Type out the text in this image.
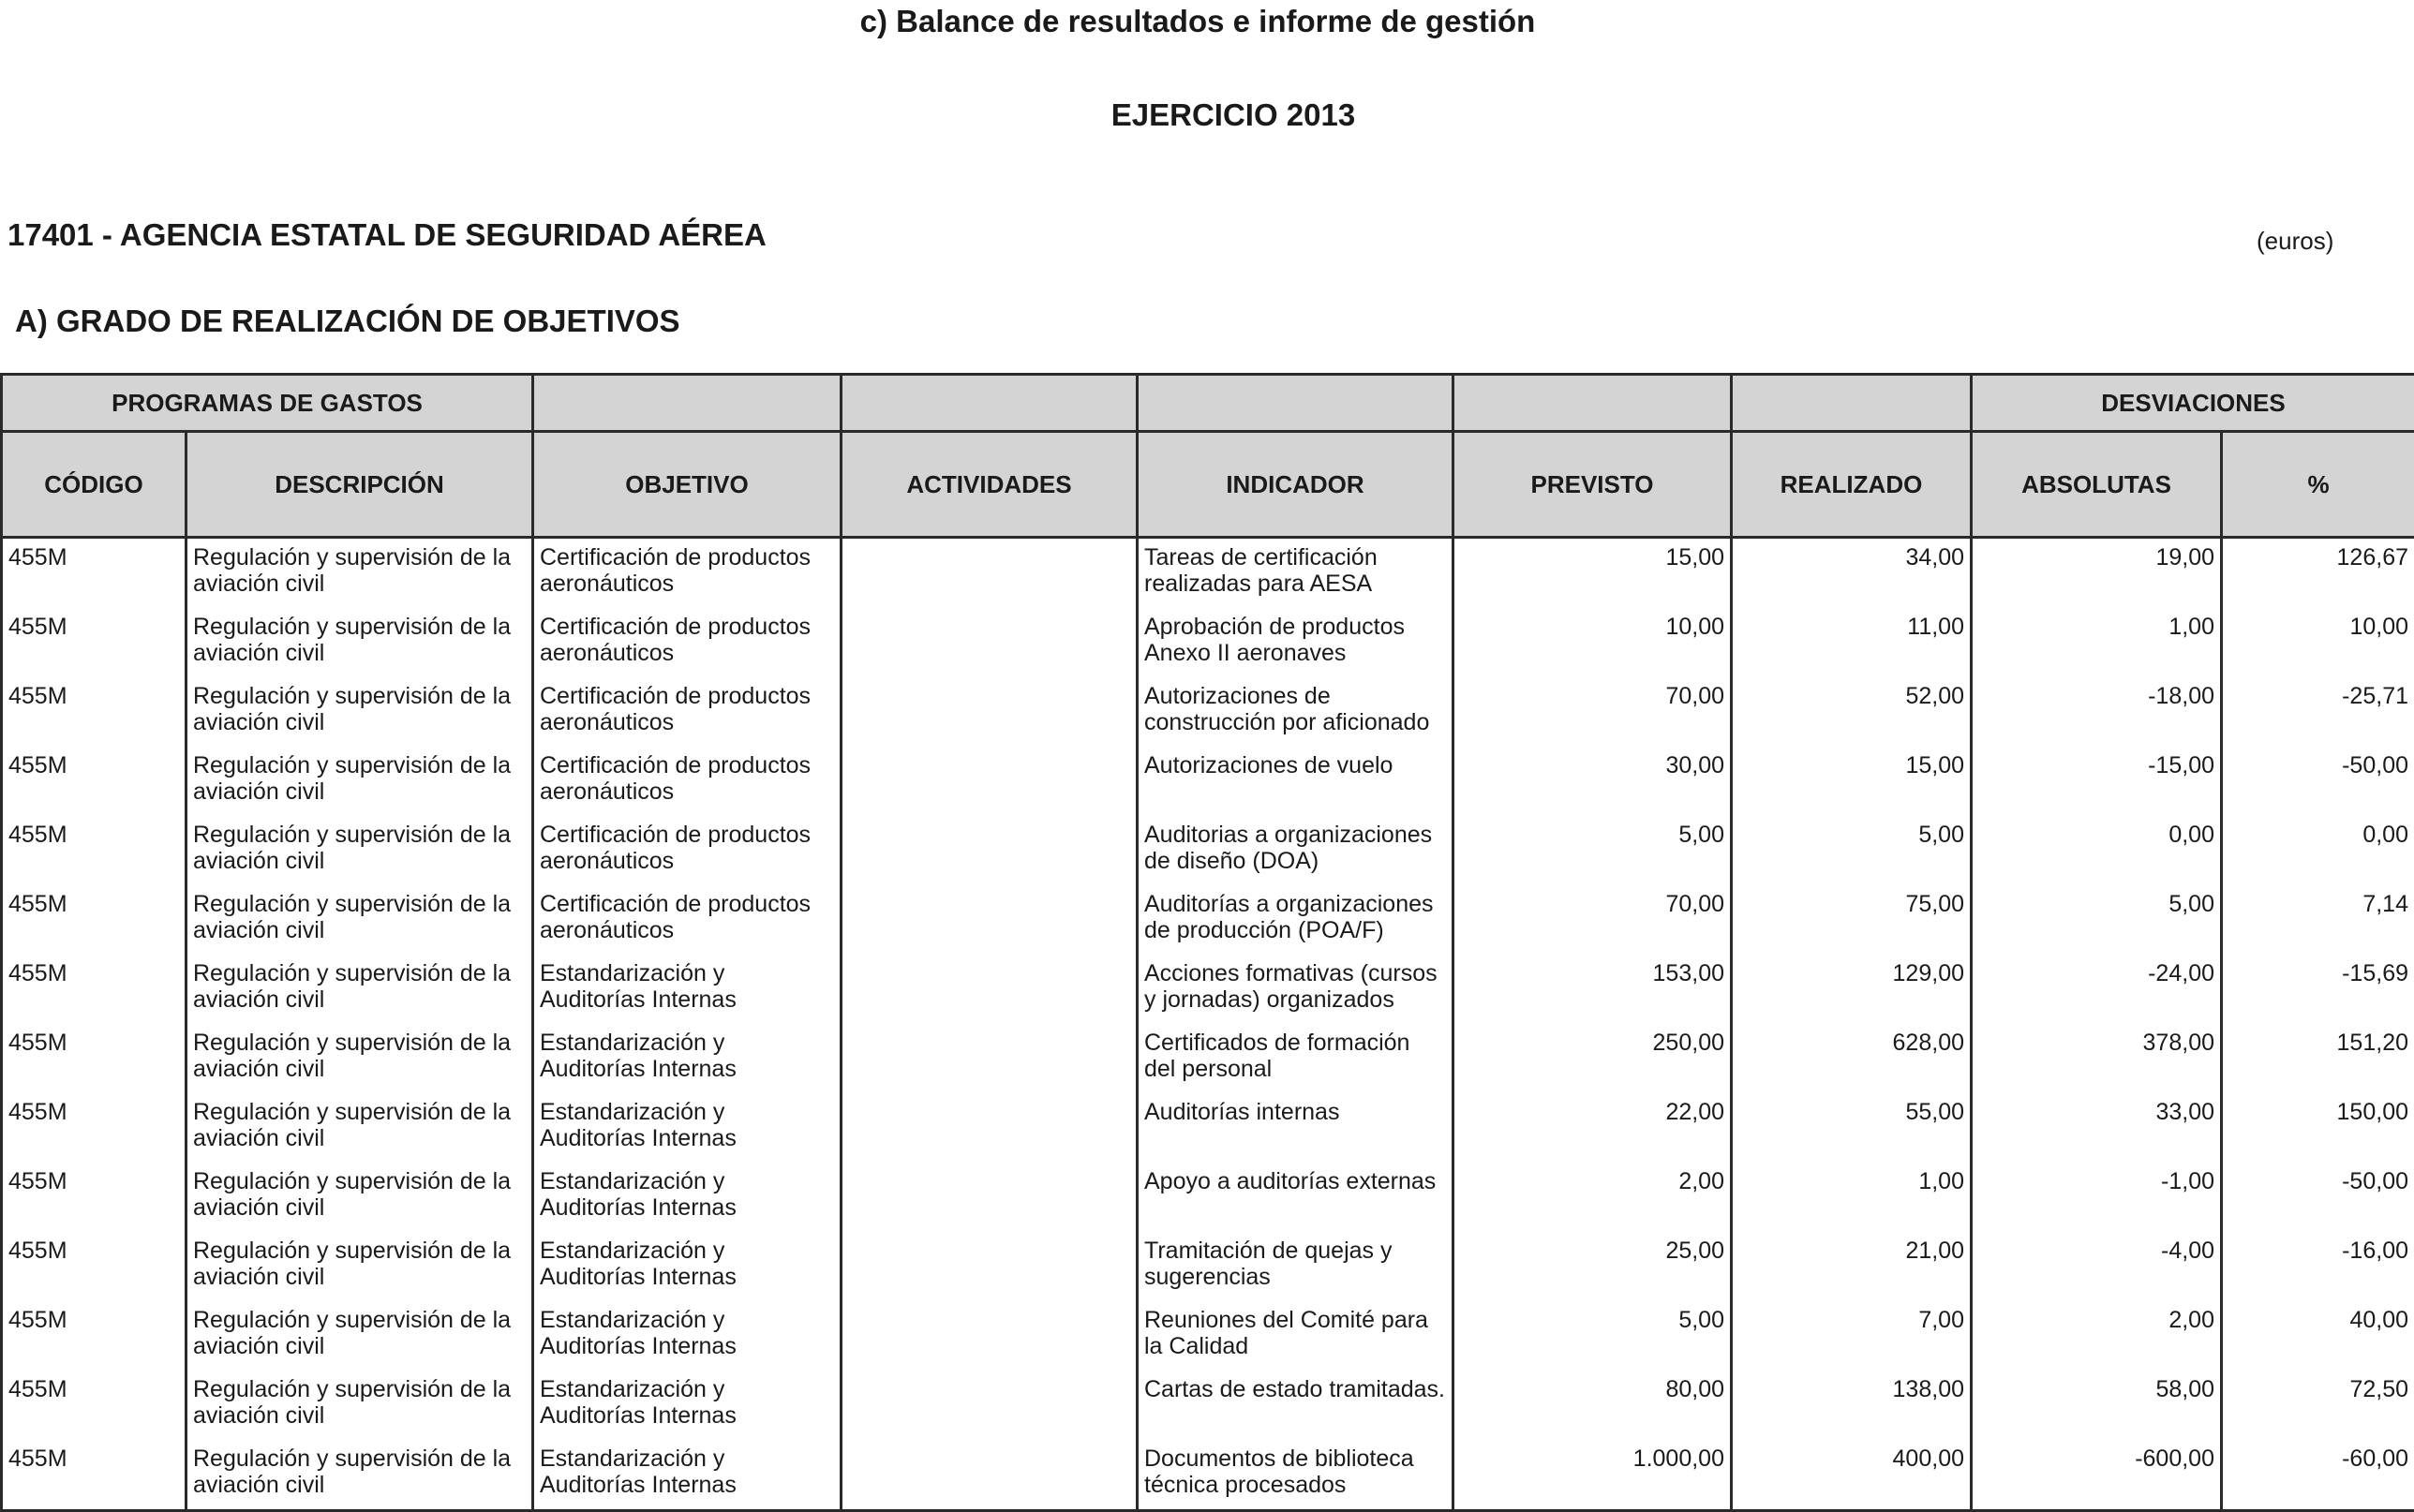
c) Balance de resultados e informe de gestión
EJERCICIO 2013
17401 - AGENCIA ESTATAL DE SEGURIDAD AÉREA	(euros)
A) GRADO DE REALIZACIÓN DE OBJETIVOS
PROGRAMAS DE GASTOS							DESVIACIONES	
CÓDIGO	DESCRIPCIÓN	OBJETIVO	ACTIVIDADES	INDICADOR	PREVISTO	REALIZADO	ABSOLUTAS	%
455M	Regulación y supervisión de la aviación civil	Certificación de productos aeronáuticos		Tareas de certificación realizadas para AESA	15,00	34,00	19,00	126,67
455M	Regulación y supervisión de la aviación civil	Certificación de productos aeronáuticos		Aprobación de productos Anexo II aeronaves	10,00	11,00	1,00	10,00
455M	Regulación y supervisión de la aviación civil	Certificación de productos aeronáuticos		Autorizaciones de construcción por aficionado	70,00	52,00	-18,00	-25,71
455M	Regulación y supervisión de la aviación civil	Certificación de productos aeronáuticos		Autorizaciones de vuelo	30,00	15,00	-15,00	-50,00
455M	Regulación y supervisión de la aviación civil	Certificación de productos aeronáuticos		Auditorias a organizaciones de diseño (DOA)	5,00	5,00	0,00	0,00
455M	Regulación y supervisión de la aviación civil	Certificación de productos aeronáuticos		Auditorías a organizaciones de producción (POA/F)	70,00	75,00	5,00	7,14
455M	Regulación y supervisión de la aviación civil	Estandarización y Auditorías Internas		Acciones formativas (cursos y jornadas) organizados	153,00	129,00	-24,00	-15,69
455M	Regulación y supervisión de la aviación civil	Estandarización y Auditorías Internas		Certificados de formación del personal	250,00	628,00	378,00	151,20
455M	Regulación y supervisión de la aviación civil	Estandarización y Auditorías Internas		Auditorías internas	22,00	55,00	33,00	150,00
455M	Regulación y supervisión de la aviación civil	Estandarización y Auditorías Internas		Apoyo a auditorías externas	2,00	1,00	-1,00	-50,00
455M	Regulación y supervisión de la aviación civil	Estandarización y Auditorías Internas		Tramitación de quejas y sugerencias	25,00	21,00	-4,00	-16,00
455M	Regulación y supervisión de la aviación civil	Estandarización y Auditorías Internas		Reuniones del Comité para la Calidad	5,00	7,00	2,00	40,00
455M	Regulación y supervisión de la aviación civil	Estandarización y Auditorías Internas		Cartas de estado tramitadas.	80,00	138,00	58,00	72,50
455M	Regulación y supervisión de la aviación civil	Estandarización y Auditorías Internas		Documentos de biblioteca técnica procesados	1.000,00	400,00	-600,00	-60,00
